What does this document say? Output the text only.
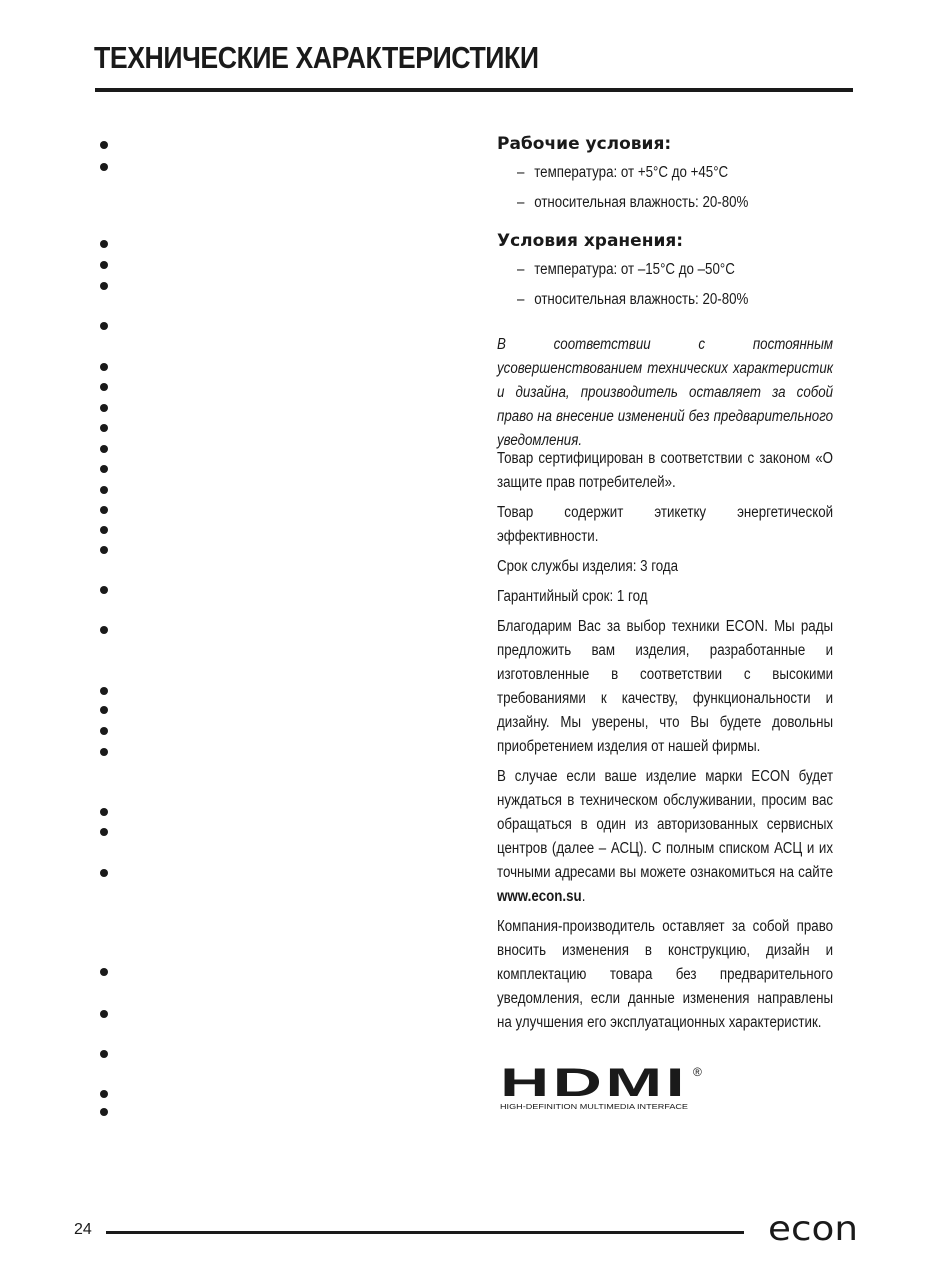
ТЕХНИЧЕСКИЕ ХАРАКТЕРИСТИКИ
Рабочие условия:
– температура: от +5°С до +45°С
– относительная влажность: 20-80%
Условия хранения:
– температура: от –15°С до –50°С
– относительная влажность: 20-80%

В соответствии с постоянным усовершенствованием технических характеристик и дизайна, производитель оставляет за собой право на внесение изменений без предварительного уведомления.

Товар сертифицирован в соответствии с законом «О защите прав потребителей».

Товар содержит этикетку энергетической эффективности.

Срок службы изделия: 3 года

Гарантийный срок: 1 год

Благодарим Вас за выбор техники ECON. Мы рады предложить вам изделия, разработанные и изготовленные в соответствии с высокими требованиями к качеству, функциональности и дизайну. Мы уверены, что Вы будете довольны приобретением изделия от нашей фирмы.

В случае если ваше изделие марки ECON будет нуждаться в техническом обслуживании, просим вас обращаться в один из авторизованных сервисных центров (далее – АСЦ). С полным списком АСЦ и их точными адресами вы можете ознакомиться на сайте www.econ.su.

Компания-производитель оставляет за собой право вносить изменения в конструкцию, дизайн и комплектацию товара без предварительного уведомления, если данные изменения направлены на улучшения его эксплуатационных характеристик.

HDMI ®
HIGH-DEFINITION MULTIMEDIA INTERFACE
24	econ
